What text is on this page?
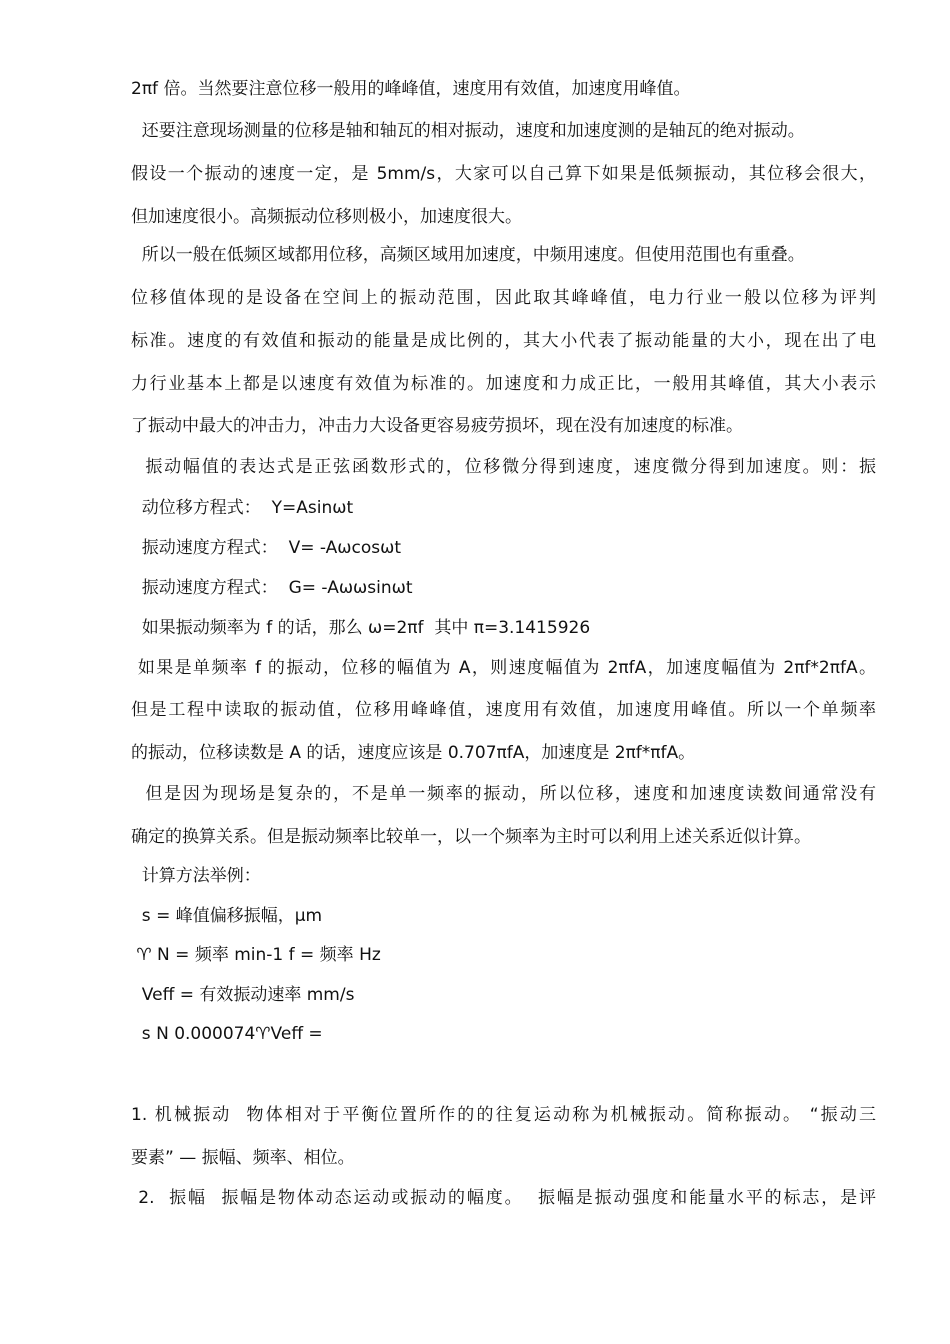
2πf 倍。当然要注意位移一般用的峰峰值，速度用有效值，加速度用峰值。
还要注意现场测量的位移是轴和轴瓦的相对振动，速度和加速度测的是轴瓦的绝对振动。
假设一个振动的速度一定，是 5mm/s，大家可以自己算下如果是低频振动，其位移会很大，
但加速度很小。高频振动位移则极小，加速度很大。
所以一般在低频区域都用位移，高频区域用加速度，中频用速度。但使用范围也有重叠。
位移值体现的是设备在空间上的振动范围，因此取其峰峰值，电力行业一般以位移为评判
标准。速度的有效值和振动的能量是成比例的，其大小代表了振动能量的大小，现在出了电
力行业基本上都是以速度有效值为标准的。加速度和力成正比，一般用其峰值，其大小表示
了振动中最大的冲击力，冲击力大设备更容易疲劳损坏，现在没有加速度的标准。
振动幅值的表达式是正弦函数形式的，位移微分得到速度，速度微分得到加速度。则：振
动位移方程式：  Y=Asinωt
振动速度方程式：  V= -Aωcosωt
振动速度方程式：  G= -Aωωsinωt
如果振动频率为 f 的话，那么 ω=2πf  其中 π=3.1415926
如果是单频率 f 的振动，位移的幅值为 A，则速度幅值为 2πfA，加速度幅值为 2πf*2πfA。
但是工程中读取的振动值，位移用峰峰值，速度用有效值，加速度用峰值。所以一个单频率
的振动，位移读数是 A 的话，速度应该是 0.707πfA，加速度是 2πf*πfA。
但是因为现场是复杂的，不是单一频率的振动，所以位移，速度和加速度读数间通常没有
确定的换算关系。但是振动频率比较单一，以一个频率为主时可以利用上述关系近似计算。
计算方法举例：
s = 峰值偏移振幅，μm
♈ N = 频率 min-1 f = 频率 Hz
Veff = 有效振动速率 mm/s
s N 0.000074♈Veff =
1. 机械振动  物体相对于平衡位置所作的的往复运动称为机械振动。简称振动。 “振动三
要素” — 振幅、频率、相位。
2.  振幅  振幅是物体动态运动或振动的幅度。  振幅是振动强度和能量水平的标志，是评
